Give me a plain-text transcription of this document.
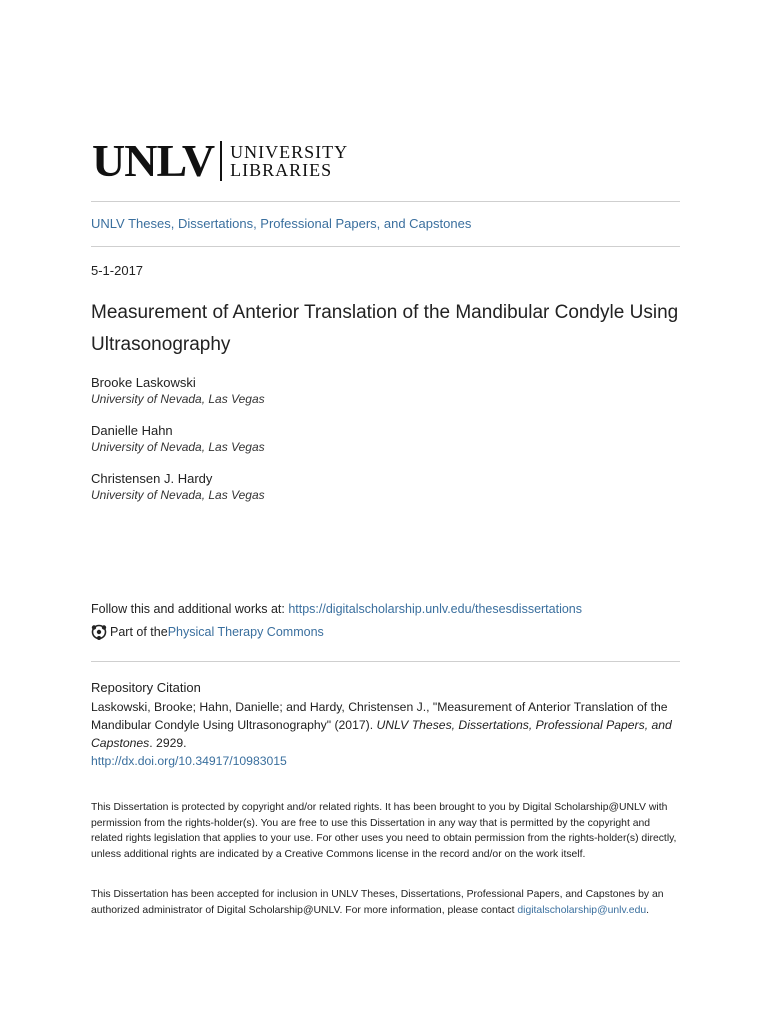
UNLV UNIVERSITY
LIBRARIES
UNLV Theses, Dissertations, Professional Papers, and Capstones
5-1-2017
Measurement of Anterior Translation of the Mandibular Condyle Using Ultrasonography
Brooke Laskowski
University of Nevada, Las Vegas
Danielle Hahn
University of Nevada, Las Vegas
Christensen J. Hardy
University of Nevada, Las Vegas
Follow this and additional works at: https://digitalscholarship.unlv.edu/thesesdissertations
Part of the Physical Therapy Commons
Repository Citation
Laskowski, Brooke; Hahn, Danielle; and Hardy, Christensen J., "Measurement of Anterior Translation of the Mandibular Condyle Using Ultrasonography" (2017). UNLV Theses, Dissertations, Professional Papers, and Capstones. 2929.
http://dx.doi.org/10.34917/10983015
This Dissertation is protected by copyright and/or related rights. It has been brought to you by Digital Scholarship@UNLV with permission from the rights-holder(s). You are free to use this Dissertation in any way that is permitted by the copyright and related rights legislation that applies to your use. For other uses you need to obtain permission from the rights-holder(s) directly, unless additional rights are indicated by a Creative Commons license in the record and/or on the work itself.
This Dissertation has been accepted for inclusion in UNLV Theses, Dissertations, Professional Papers, and Capstones by an authorized administrator of Digital Scholarship@UNLV. For more information, please contact digitalscholarship@unlv.edu.
